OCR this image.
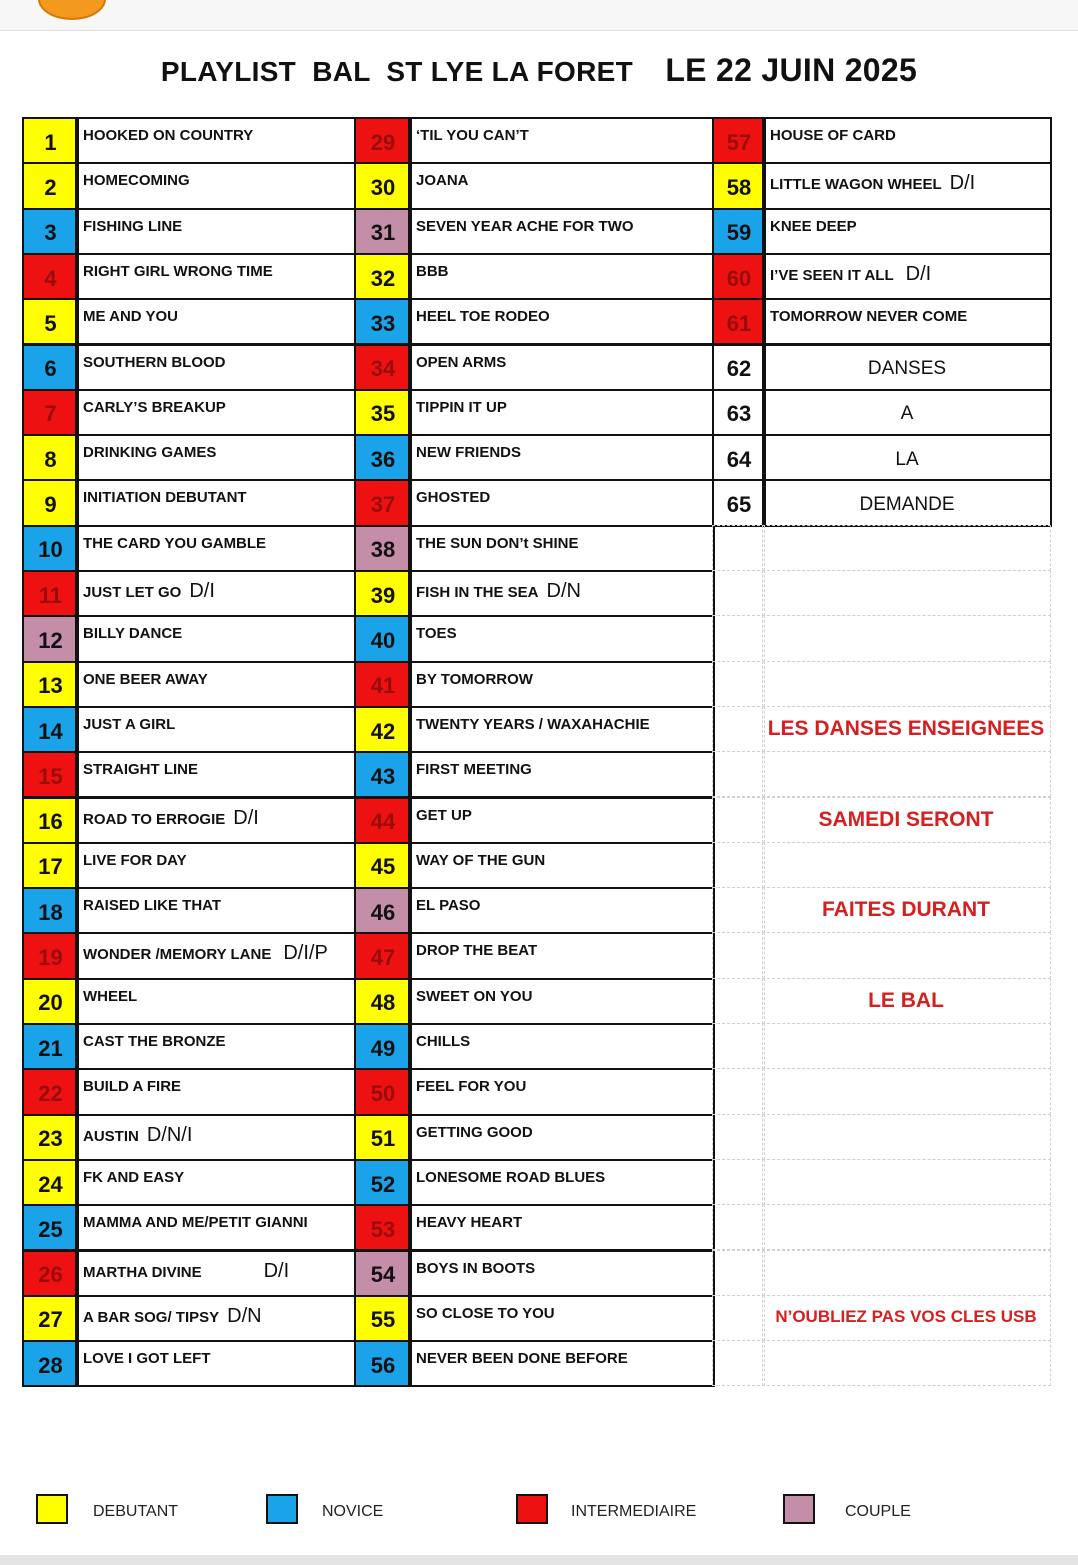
PLAYLIST  BAL  ST LYE LA FORET LE 22 JUIN 2025
1	HOOKED ON COUNTRY
2	HOMECOMING
3	FISHING LINE
4	RIGHT GIRL WRONG TIME
5	ME AND YOU
6	SOUTHERN BLOOD
7	CARLY’S BREAKUP
8	DRINKING GAMES
9	INITIATION DEBUTANT
10	THE CARD YOU GAMBLE
11	JUST LET GO D/I
12	BILLY DANCE
13	ONE BEER AWAY
14	JUST A GIRL
15	STRAIGHT LINE
16	ROAD TO ERROGIE D/I
17	LIVE FOR DAY
18	RAISED LIKE THAT
19	WONDER /MEMORY LANE D/I/P
20	WHEEL
21	CAST THE BRONZE
22	BUILD A FIRE
23	AUSTIN D/N/I
24	FK AND EASY
25	MAMMA AND ME/PETIT GIANNI
26	MARTHA DIVINE	D/I
27	A BAR SOG/ TIPSY D/N
28	LOVE I GOT LEFT
29	‘TIL YOU CAN’T
30	JOANA
31	SEVEN YEAR ACHE FOR TWO
32	BBB
33	HEEL TOE RODEO
34	OPEN ARMS
35	TIPPIN IT UP
36	NEW FRIENDS
37	GHOSTED
38	THE SUN DON’t SHINE
39	FISH IN THE SEA D/N
40	TOES
41	BY TOMORROW
42	TWENTY YEARS / WAXAHACHIE
43	FIRST MEETING
44	GET UP
45	WAY OF THE GUN
46	EL PASO
47	DROP THE BEAT
48	SWEET ON YOU
49	CHILLS
50	FEEL FOR YOU
51	GETTING GOOD
52	LONESOME ROAD BLUES
53	HEAVY HEART
54	BOYS IN BOOTS
55	SO CLOSE TO YOU
56	NEVER BEEN DONE BEFORE
57	HOUSE OF CARD
58	LITTLE WAGON WHEEL D/I
59	KNEE DEEP
60	I’VE SEEN IT ALL D/I
61	TOMORROW NEVER COME
62	DANSES
63	A
64	LA
65	DEMANDE
LES DANSES ENSEIGNEES
SAMEDI SERONT
FAITES DURANT
LE BAL
N’OUBLIEZ PAS VOS CLES USB
DEBUTANT	NOVICE	INTERMEDIAIRE	COUPLE
